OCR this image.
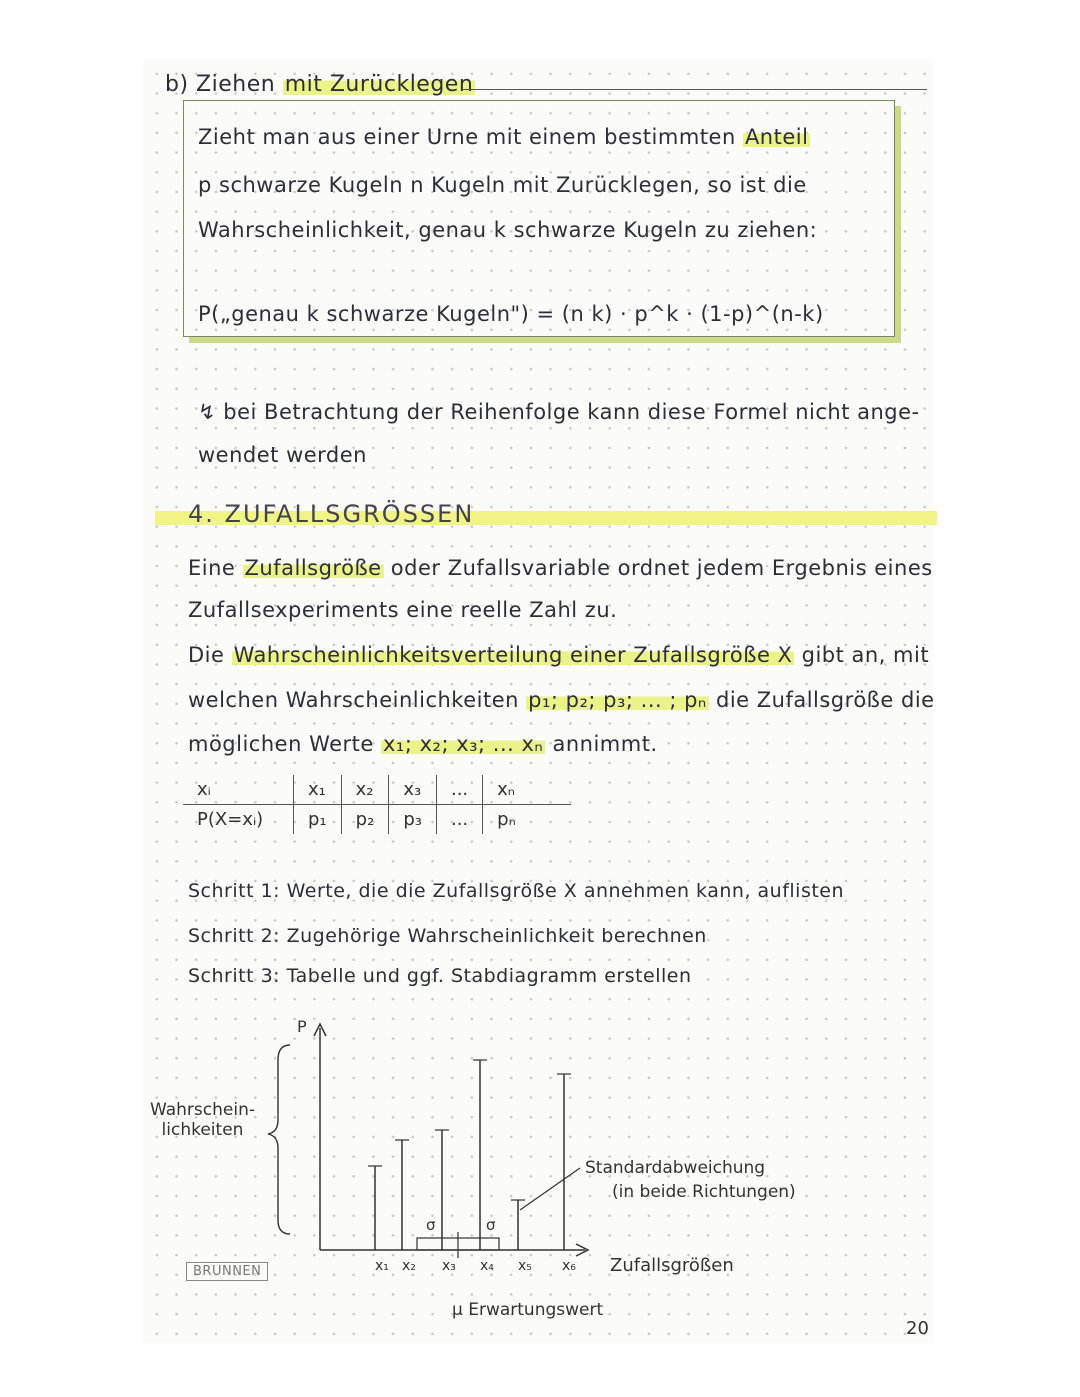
b) Ziehen mit Zurücklegen
Zieht man aus einer Urne mit einem bestimmten Anteil
p schwarze Kugeln n Kugeln mit Zurücklegen, so ist die
Wahrscheinlichkeit, genau k schwarze Kugeln zu ziehen:
P(„genau k schwarze Kugeln") = (n k) · p^k · (1-p)^(n-k)
↯ bei Betrachtung der Reihenfolge kann diese Formel nicht ange-
wendet werden
4. ZUFALLSGRÖSSEN
Eine Zufallsgröße oder Zufallsvariable ordnet jedem Ergebnis eines
Zufallsexperiments eine reelle Zahl zu.
Die Wahrscheinlichkeitsverteilung einer Zufallsgröße X gibt an, mit
welchen Wahrscheinlichkeiten p₁; p₂; p₃; ... ; pₙ die Zufallsgröße die
möglichen Werte x₁; x₂; x₃; ... xₙ annimmt.
xᵢ	x₁	x₂	x₃	...	xₙ
P(X=xᵢ)	p₁	p₂	p₃	...	pₙ
Schritt 1: Werte, die die Zufallsgröße X annehmen kann, auflisten
Schritt 2: Zugehörige Wahrscheinlichkeit berechnen
Schritt 3: Tabelle und ggf. Stabdiagramm erstellen
P
σ	σ
Wahrschein-
lichkeiten
Standardabweichung
(in beide Richtungen)
Zufallsgrößen
μ Erwartungswert
x₁ x₂ x₃ x₄ x₅ x₆
BRUNNEN
20
